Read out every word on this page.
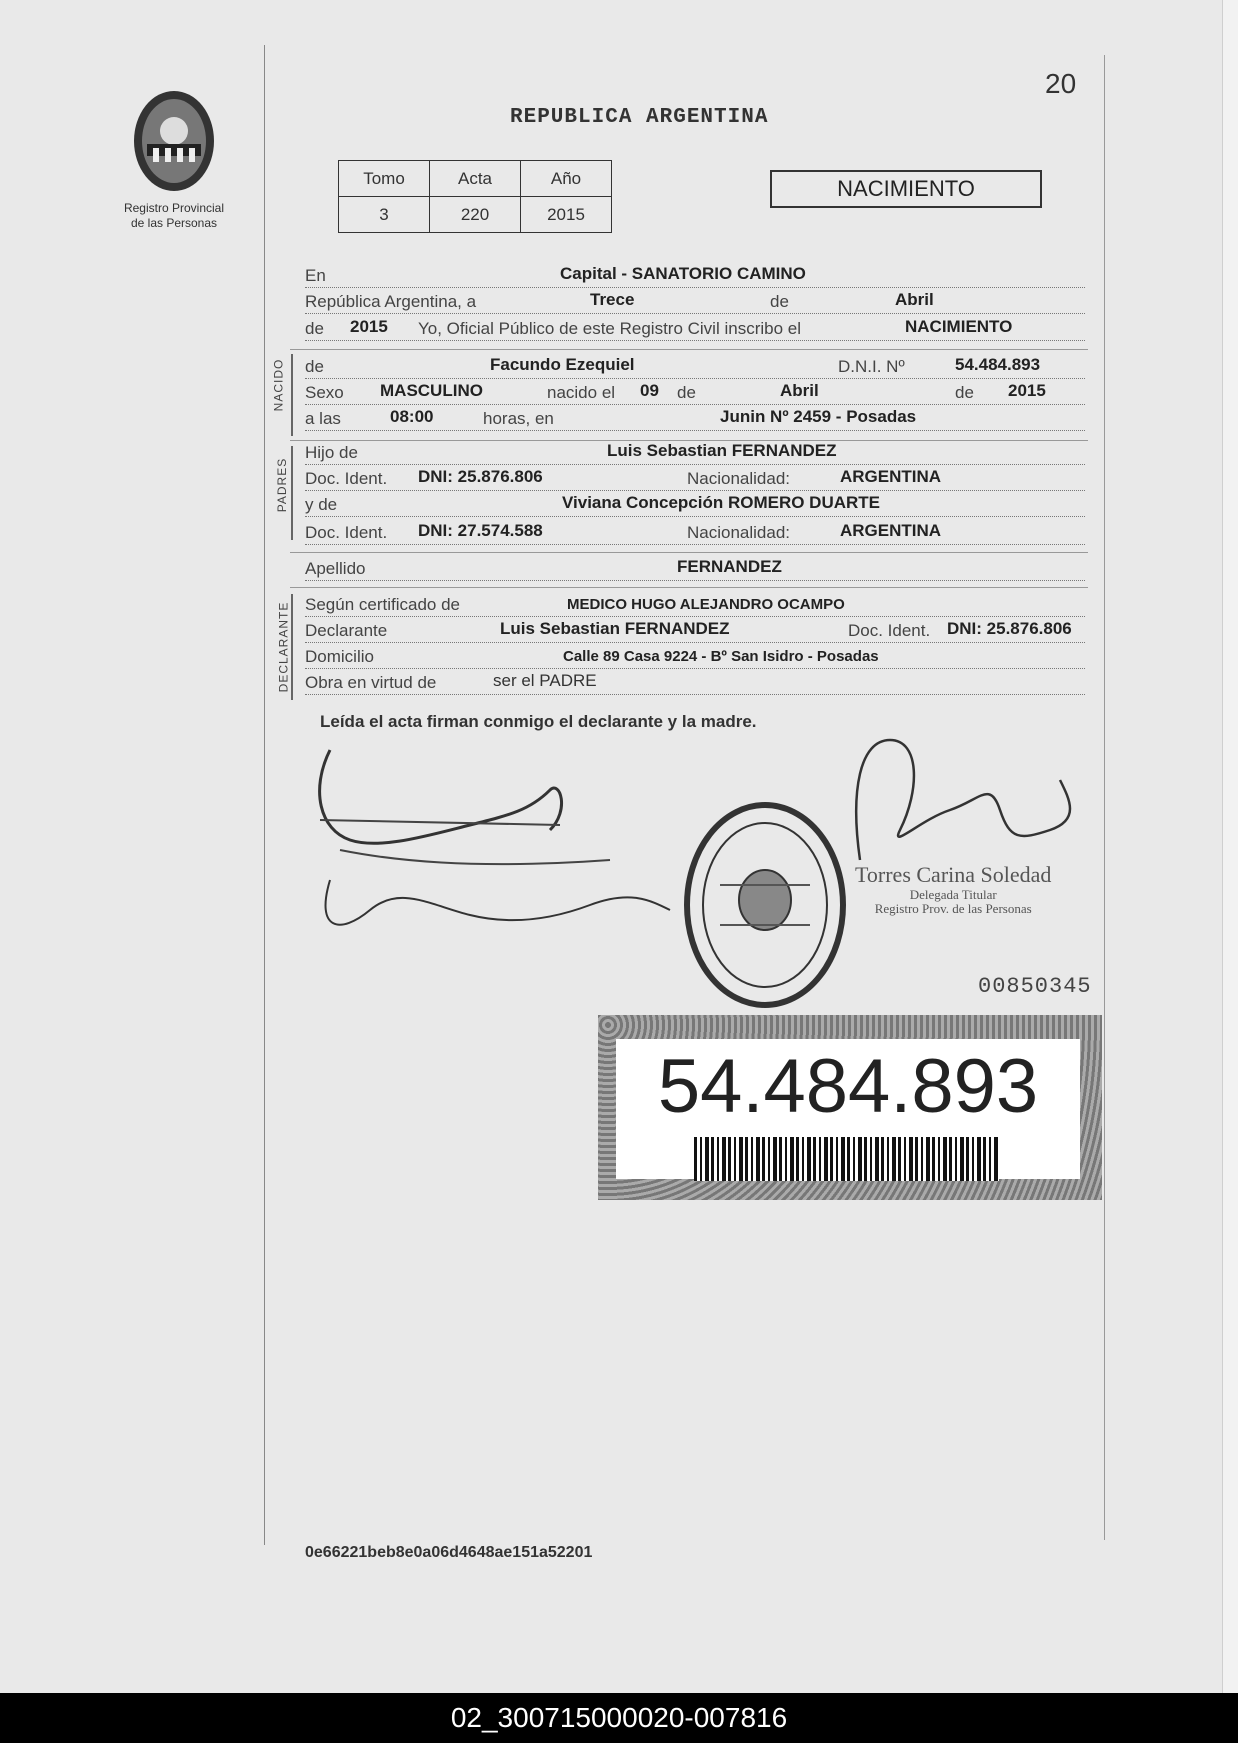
Registro Provincial
de las Personas
20
REPUBLICA ARGENTINA
Tomo	Acta	Año
3	220	2015
NACIMIENTO
En	Capital - SANATORIO CAMINO
República Argentina, a	Trece	de	Abril
de 2015 Yo, Oficial Público de este Registro Civil inscribo el	NACIMIENTO
NACIDO de	Facundo Ezequiel	D.N.I. Nº	54.484.893
Sexo MASCULINO	nacido el 09 de	Abril	de 2015
a las	08:00	horas, en	Junin Nº 2459 - Posadas
PADRES
Hijo de	Luis Sebastian FERNANDEZ
Doc. Ident. DNI: 25.876.806	Nacionalidad:	ARGENTINA
y de	Viviana Concepción ROMERO DUARTE
Doc. Ident. DNI: 27.574.588	Nacionalidad:	ARGENTINA
Apellido	FERNANDEZ
DECLARANTE Según certificado de	MEDICO HUGO ALEJANDRO OCAMPO
Declarante	Luis Sebastian FERNANDEZ	Doc. Ident. DNI: 25.876.806
Domicilio	Calle 89 Casa 9224 - Bº San Isidro - Posadas
Obra en virtud de	ser el PADRE
Leída el acta firman conmigo el declarante y la madre.
Torres Carina Soledad
Delegada Titular
Registro Prov. de las Personas
00850345
54.484.893
0e66221beb8e0a06d4648ae151a52201
02_300715000020-007816
